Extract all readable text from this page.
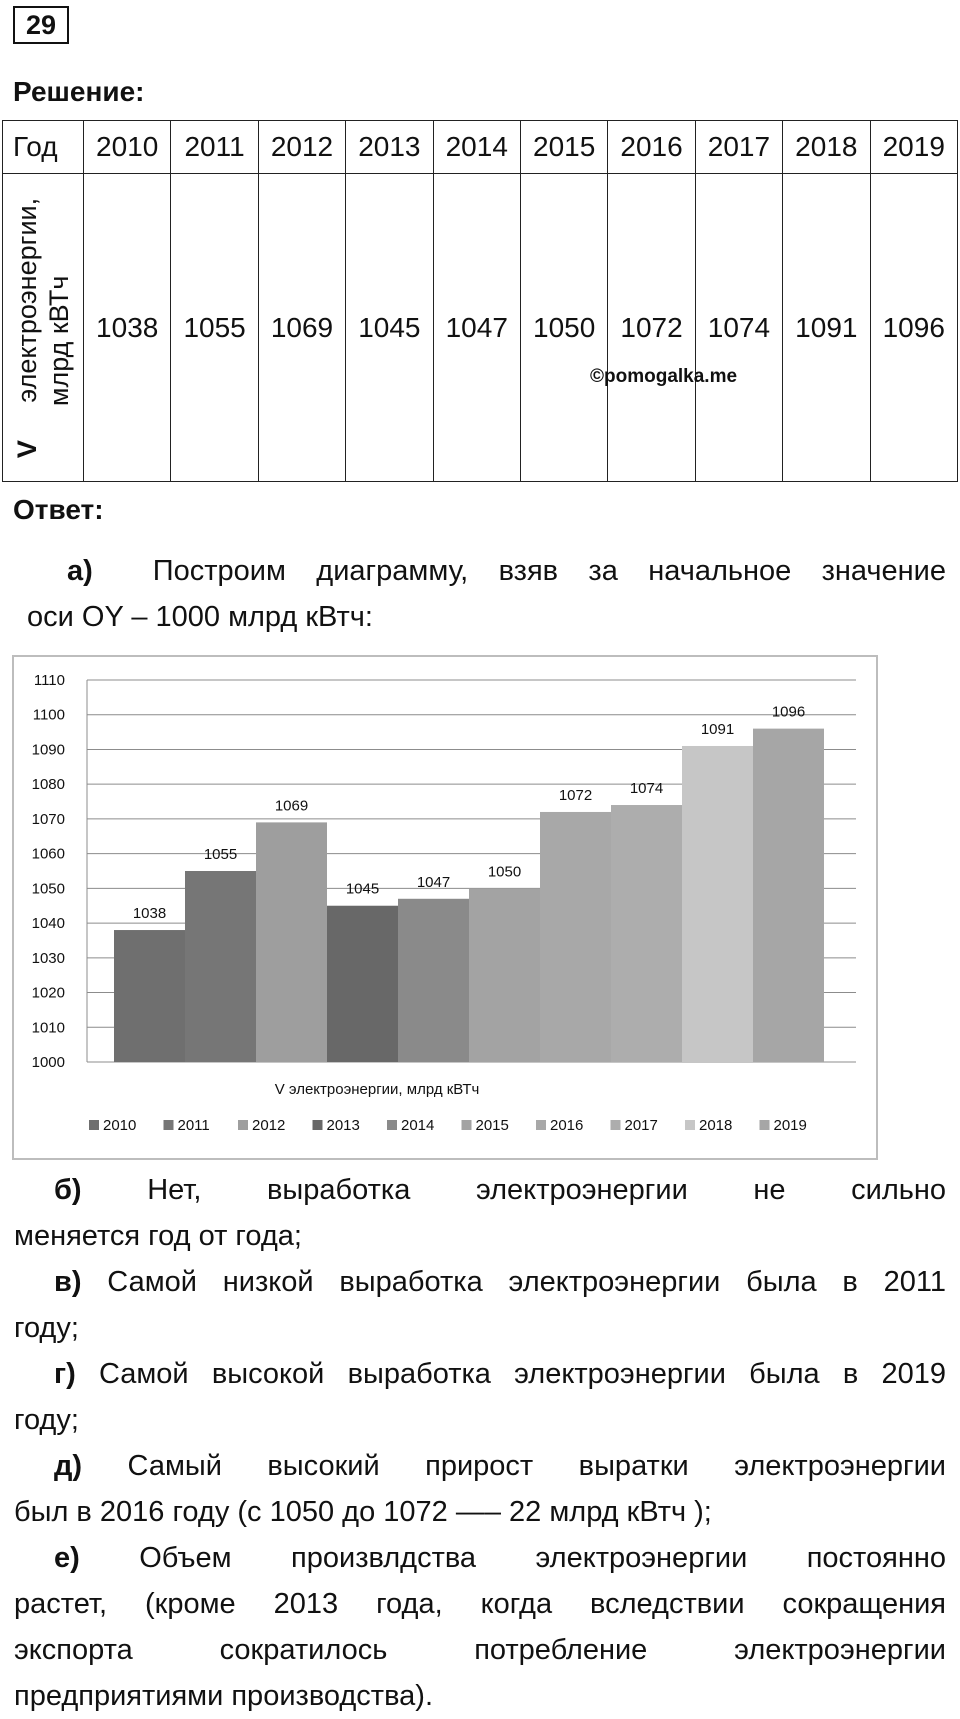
29
Решение:
Год	2010	2011	2012	2013	2014	2015	2016	2017	2018	2019

V     электроэнергии, млрд кВТч	1038	1055	1069	1045	1047	1050	1072	1074	1091	1096
©pomogalka.me
Ответ:
а) Построим диаграмму, взяв за начальное значение
оси OY – 1000 млрд кВтч:
1000
1010
1020
1030
1040
1050
1060
1070
1080
1090
1100
1110
1038
1055
1069
1045	1047
1050
1072	1074
1091
1096
V электроэнергии, млрд кВТч
2010	2011	2012	2013	2014	2015	2016	2017	2018	2019
б) Нет, выработка электроэнергии не сильно
меняется год от года;
в) Самой низкой выработка электроэнергии была в 2011
году;
г) Самой высокой выработка электроэнергии была в 2019
году;
д) Самый высокий прирост выратки электроэнергии
был в 2016 году (с 1050 до 1072 —– 22 млрд кВтч );
е) Объем произвлдства электроэнергии постоянно
растет, (кроме 2013 года, когда вследствии сокращения
экспорта сократилось потребление электроэнергии
предприятиями производства).
